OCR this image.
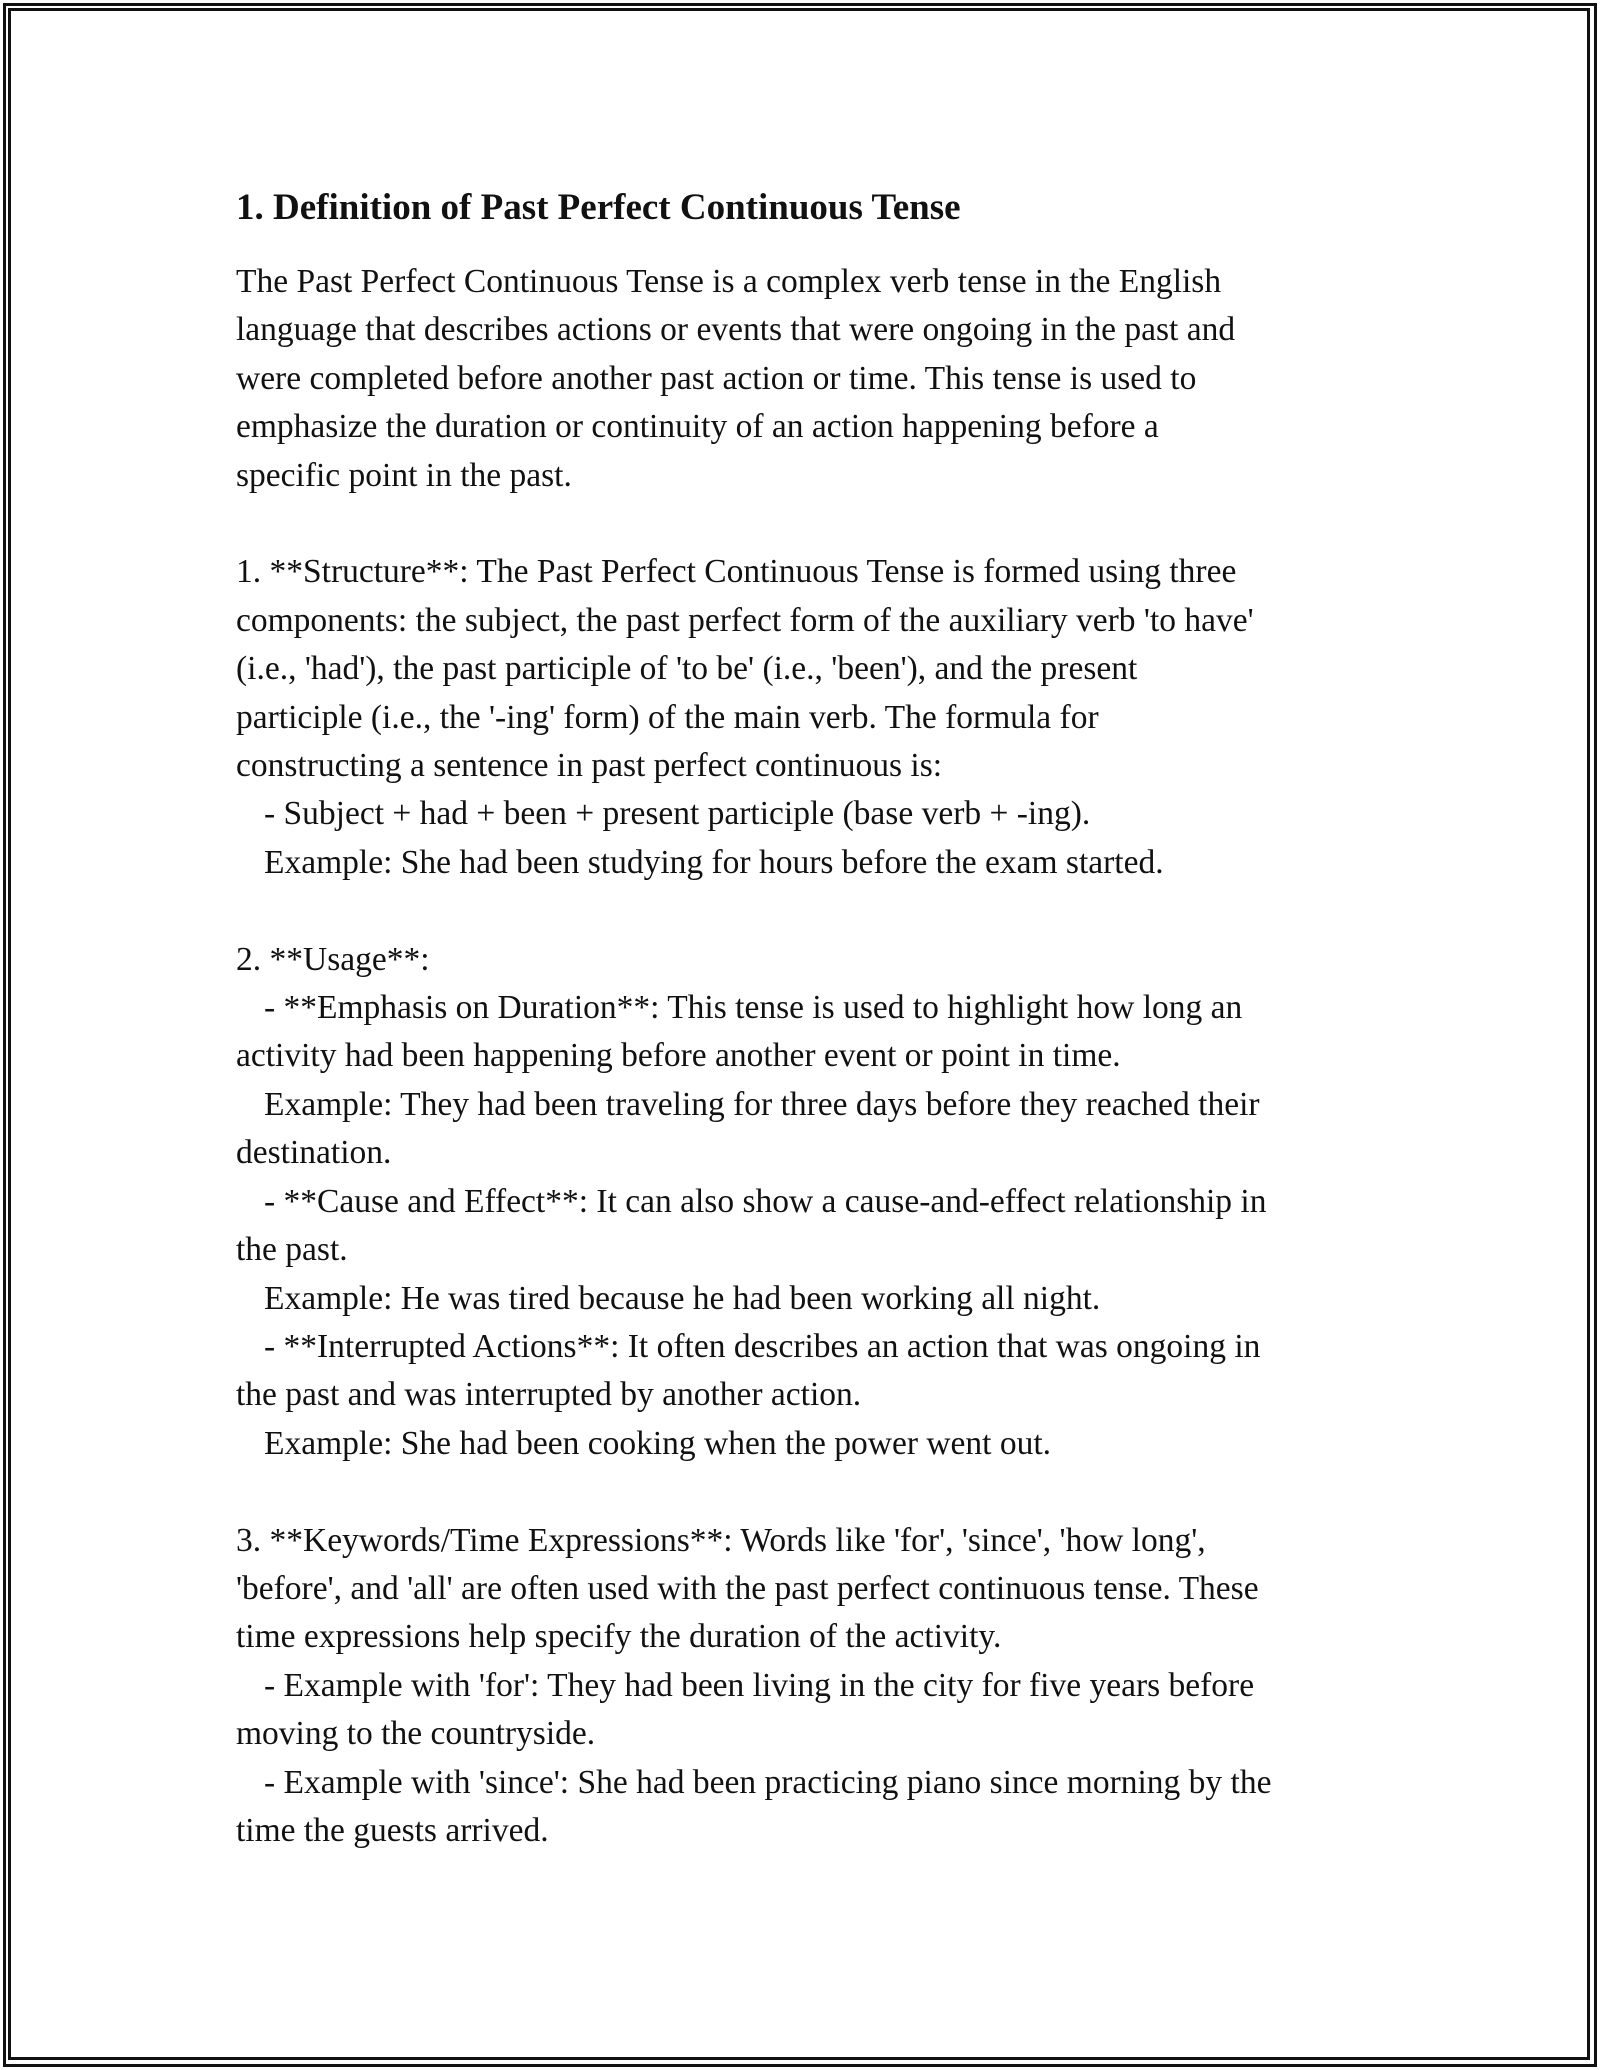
1. Definition of Past Perfect Continuous Tense
The Past Perfect Continuous Tense is a complex verb tense in the English
language that describes actions or events that were ongoing in the past and
were completed before another past action or time. This tense is used to
emphasize the duration or continuity of an action happening before a
specific point in the past.
1. **Structure**: The Past Perfect Continuous Tense is formed using three
components: the subject, the past perfect form of the auxiliary verb 'to have'
(i.e., 'had'), the past participle of 'to be' (i.e., 'been'), and the present
participle (i.e., the '-ing' form) of the main verb. The formula for
constructing a sentence in past perfect continuous is:
- Subject + had + been + present participle (base verb + -ing).
Example: She had been studying for hours before the exam started.
2. **Usage**:
- **Emphasis on Duration**: This tense is used to highlight how long an
activity had been happening before another event or point in time.
Example: They had been traveling for three days before they reached their
destination.
- **Cause and Effect**: It can also show a cause-and-effect relationship in
the past.
Example: He was tired because he had been working all night.
- **Interrupted Actions**: It often describes an action that was ongoing in
the past and was interrupted by another action.
Example: She had been cooking when the power went out.
3. **Keywords/Time Expressions**: Words like 'for', 'since', 'how long',
'before', and 'all' are often used with the past perfect continuous tense. These
time expressions help specify the duration of the activity.
- Example with 'for': They had been living in the city for five years before
moving to the countryside.
- Example with 'since': She had been practicing piano since morning by the
time the guests arrived.
